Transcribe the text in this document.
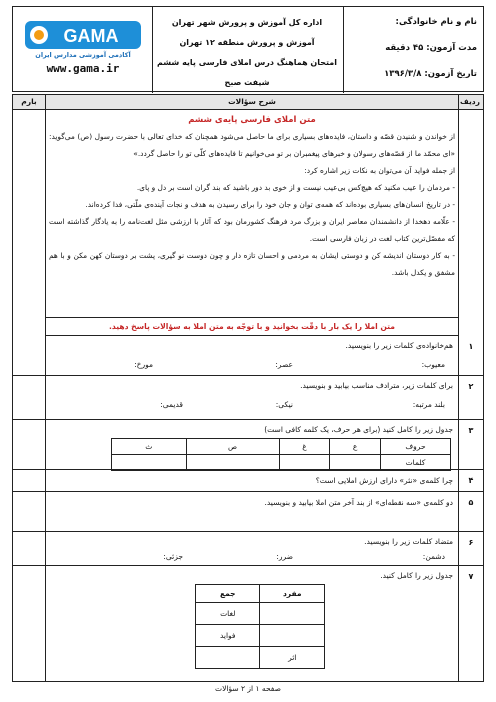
نام و نام خانوادگی:
مدت آزمون: ۴۵ دقیقه
تاریخ آزمون: ۱۳۹۶/۳/۸
اداره کل آموزش و پرورش شهر تهران
آموزش و پرورش منطقه ۱۲ تهران
امتحان هماهنگ درس املای فارسی پایه ششم
شیفت صبح
GAMA
آکادمی آموزشی مدارس ایران
www.gama.ir
ردیف
شرح سؤالات
بارم
متن املای فارسی پایه‌ی ششم

از خواندن و شنیدن قصّه و داستان، فایده‌های بسیاری برای ما حاصل می‌شود همچنان که خدای تعالی با حضرت رسول (ص) می‌گوید: «ای محمّد ما از قصّه‌های رسولان و خبرهای پیغمبران بر تو می‌خوانیم تا فایده‌های کلّی تو را حاصل گردد.»

از جمله فواید آن می‌توان به نکات زیر اشاره کرد:

- مردمان را عیب مکنید که هیچ‌کس بی‌عیب نیست و از خوی بد دور باشید که بند گران است بر دل و پای.

- در تاریخ انسان‌های بسیاری بوده‌اند که همه‌ی توان و جان خود را برای رسیدن به هدف و نجات آینده‌ی ملّتی، فدا کرده‌اند.

- علّامه دهخدا از دانشمندان معاصر ایران و بزرگ مرد فرهنگ کشورمان بود که آثار با ارزشی مثل لغت‌نامه را به یادگار گذاشته است که مفصّل‌ترین کتاب لغت در زبان فارسی است.

- به کار دوستان اندیشه کن و دوستی ایشان به مردمی و احسان تازه دار و چون دوست نو گیری، پشت بر دوستان کهن مکن و با هم مشفق و یکدل باشد.

متن املا را یک بار با دقّت بخوانید و با توجّه به متن املا به سؤالات پاسخ دهید.
۱
هم‌خانواده‌ی کلمات زیر را بنویسید.
معیوب:
عصر:
مورخ:
۲
برای کلمات زیر، مترادف مناسب بیابید و بنویسید.
بلند مرتبه:
نیکی:
قدیمی:
۳
جدول زیر را کامل کنید (برای هر حرف، یک کلمه کافی است)
حروف	ع	غ	ص	ث
کلمات				
۴
چرا کلمه‌ی «نثر» دارای ارزش املایی است؟
۵
دو کلمه‌ی «سه نقطه‌ای» از بند آخر متن املا بیابید و بنویسید.
۶
متضاد کلمات زیر را بنویسید.
دشمن:
ضرر:
جزئی:
۷
جدول زیر را کامل کنید.
مفرد	جمع
	لغات
	فواید
اثر	
صفحه ۱ از ۲ سؤالات
